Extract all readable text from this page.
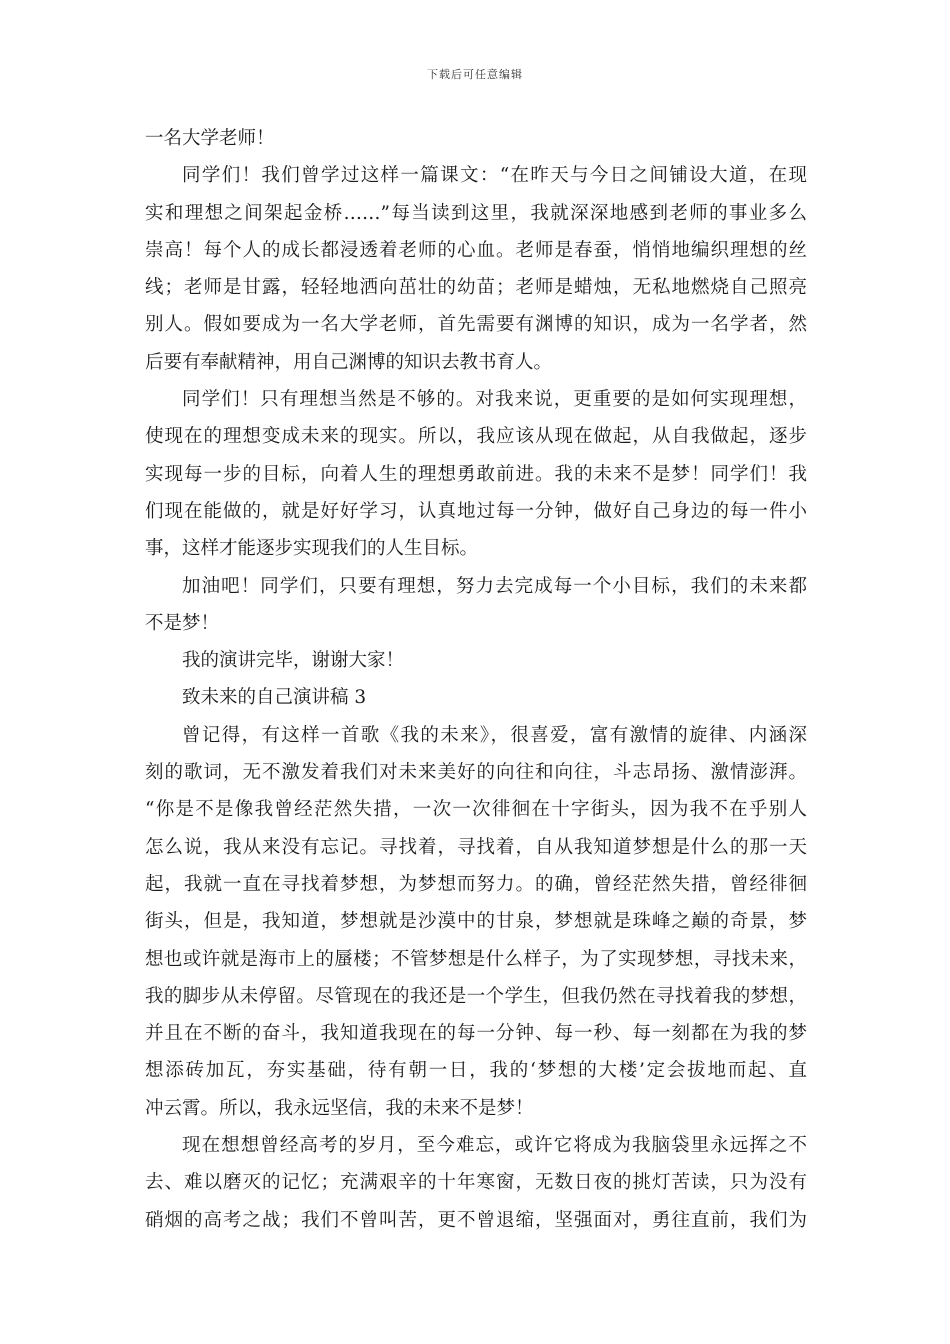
下载后可任意编辑

一名大学老师！

同学们！我们曾学过这样一篇课文：“在昨天与今日之间铺设大道，在现

实和理想之间架起金桥……”每当读到这里，我就深深地感到老师的事业多么

崇高！每个人的成长都浸透着老师的心血。老师是春蚕，悄悄地编织理想的丝

线；老师是甘露，轻轻地洒向茁壮的幼苗；老师是蜡烛，无私地燃烧自己照亮

别人。假如要成为一名大学老师，首先需要有渊博的知识，成为一名学者，然

后要有奉献精神，用自己渊博的知识去教书育人。

同学们！只有理想当然是不够的。对我来说，更重要的是如何实现理想，

使现在的理想变成未来的现实。所以，我应该从现在做起，从自我做起，逐步

实现每一步的目标，向着人生的理想勇敢前进。我的未来不是梦！同学们！我

们现在能做的，就是好好学习，认真地过每一分钟，做好自己身边的每一件小

事，这样才能逐步实现我们的人生目标。

加油吧！同学们，只要有理想，努力去完成每一个小目标，我们的未来都

不是梦！

我的演讲完毕，谢谢大家！

致未来的自己演讲稿 3

曾记得，有这样一首歌《我的未来》，很喜爱，富有激情的旋律、内涵深

刻的歌词，无不激发着我们对未来美好的向往和向往，斗志昂扬、激情澎湃。

“你是不是像我曾经茫然失措，一次一次徘徊在十字街头，因为我不在乎别人

怎么说，我从来没有忘记。寻找着，寻找着，自从我知道梦想是什么的那一天

起，我就一直在寻找着梦想，为梦想而努力。的确，曾经茫然失措，曾经徘徊

街头，但是，我知道，梦想就是沙漠中的甘泉，梦想就是珠峰之巅的奇景，梦

想也或许就是海市上的蜃楼；不管梦想是什么样子，为了实现梦想，寻找未来，

我的脚步从未停留。尽管现在的我还是一个学生，但我仍然在寻找着我的梦想，

并且在不断的奋斗，我知道我现在的每一分钟、每一秒、每一刻都在为我的梦

想添砖加瓦，夯实基础，待有朝一日，我的‘梦想的大楼’定会拔地而起、直

冲云霄。所以，我永远坚信，我的未来不是梦！

现在想想曾经高考的岁月，至今难忘，或许它将成为我脑袋里永远挥之不

去、难以磨灭的记忆；充满艰辛的十年寒窗，无数日夜的挑灯苦读，只为没有

硝烟的高考之战；我们不曾叫苦，更不曾退缩，坚强面对，勇往直前，我们为
